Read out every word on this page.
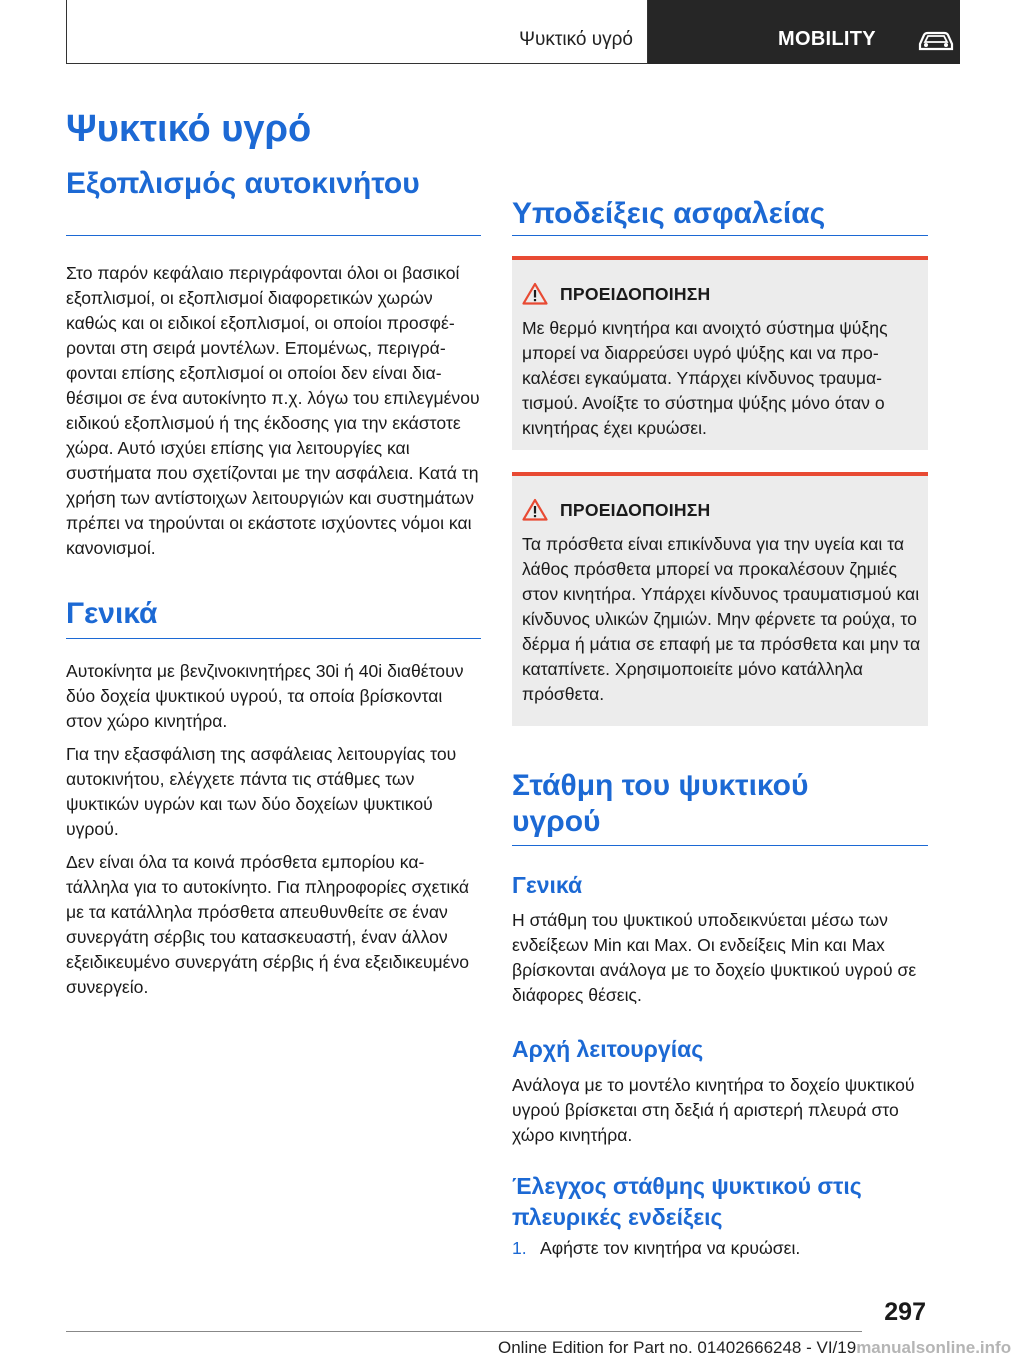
Ψυκτικό υγρό	MOBILITY
Ψυκτικό υγρό
Εξοπλισμός αυτοκινήτου

Στο παρόν κεφάλαιο περιγράφονται όλοι οι βασικοί εξοπλισμοί, οι εξοπλισμοί διαφορετικών χωρών καθώς και οι ειδικοί εξοπλισμοί, οι οποίοι προσφέρονται στη σειρά μοντέλων. Επομένως, περιγράφονται επίσης εξοπλισμοί οι οποίοι δεν είναι διαθέσιμοι σε ένα αυτοκίνητο π.χ. λόγω του επιλεγμένου ειδικού εξοπλισμού ή της έκδοσης για την εκάστοτε χώρα. Αυτό ισχύει επίσης για λειτουργίες και συστήματα που σχετίζονται με την ασφάλεια. Κατά τη χρήση των αντίστοιχων λειτουργιών και συστημάτων πρέπει να τηρούνται οι εκάστοτε ισχύοντες νόμοι και κανονισμοί.

Γενικά

Αυτοκίνητα με βενζινοκινητήρες 30i ή 40i διαθέτουν δύο δοχεία ψυκτικού υγρού, τα οποία βρίσκονται στον χώρο κινητήρα.

Για την εξασφάλιση της ασφάλειας λειτουργίας του αυτοκινήτου, ελέγχετε πάντα τις στάθμες των ψυκτικών υγρών και των δύο δοχείων ψυκτικού υγρού.

Δεν είναι όλα τα κοινά πρόσθετα εμπορίου κατάλληλα για το αυτοκίνητο. Για πληροφορίες σχετικά με τα κατάλληλα πρόσθετα απευθυνθείτε σε έναν συνεργάτη σέρβις του κατασκευαστή, έναν άλλον εξειδικευμένο συνεργάτη σέρβις ή ένα εξειδικευμένο συνεργείο.

Υποδείξεις ασφαλείας
ΠΡΟΕΙΔΟΠΟΙΗΣΗ

Με θερμό κινητήρα και ανοιχτό σύστημα ψύξης μπορεί να διαρρεύσει υγρό ψύξης και να προκαλέσει εγκαύματα. Υπάρχει κίνδυνος τραυματισμού. Ανοίξτε το σύστημα ψύξης μόνο όταν ο κινητήρας έχει κρυώσει.

ΠΡΟΕΙΔΟΠΟΙΗΣΗ

Τα πρόσθετα είναι επικίνδυνα για την υγεία και τα λάθος πρόσθετα μπορεί να προκαλέσουν ζημιές στον κινητήρα. Υπάρχει κίνδυνος τραυματισμού και κίνδυνος υλικών ζημιών. Μην φέρνετε τα ρούχα, το δέρμα ή μάτια σε επαφή με τα πρόσθετα και μην τα καταπίνετε. Χρησιμοποιείτε μόνο κατάλληλα πρόσθετα.

Στάθμη του ψυκτικού
υγρού
Γενικά

Η στάθμη του ψυκτικού υποδεικνύεται μέσω των ενδείξεων Min και Max. Οι ενδείξεις Min και Max βρίσκονται ανάλογα με το δοχείο ψυκτικού υγρού σε διάφορες θέσεις.

Αρχή λειτουργίας

Ανάλογα με το μοντέλο κινητήρα το δοχείο ψυκτικού υγρού βρίσκεται στη δεξιά ή αριστερή πλευρά στο χώρο κινητήρα.

Έλεγχος στάθμης ψυκτικού στις
πλευρικές ενδείξεις
1. Αφήστε τον κινητήρα να κρυώσει.
297
Online Edition for Part no. 01402666248 - VI/19manualsonline.info
